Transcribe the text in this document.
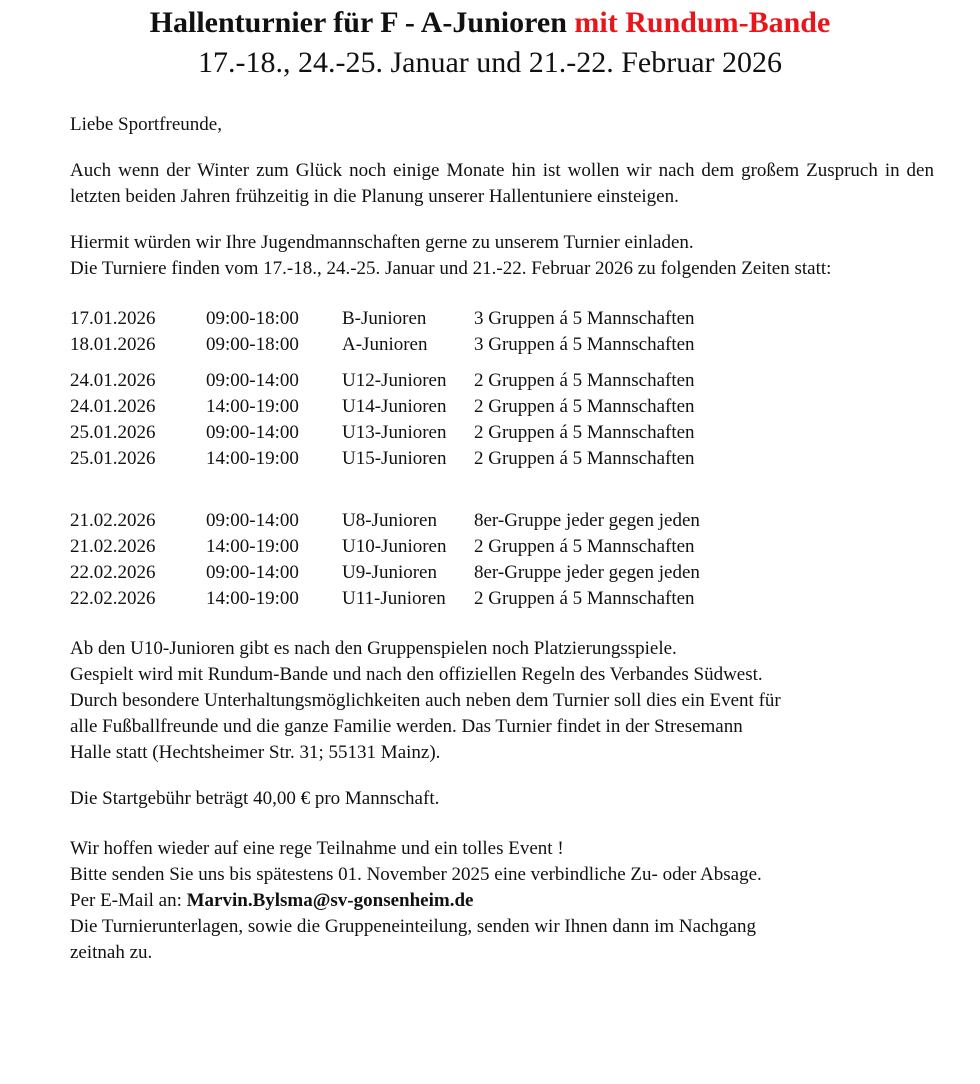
Hallenturnier für F - A-Junioren mit Rundum-Bande
17.-18., 24.-25. Januar und 21.-22. Februar 2026

Liebe Sportfreunde,

Auch wenn der Winter zum Glück noch einige Monate hin ist wollen wir nach dem großem Zuspruch in den letzten beiden Jahren frühzeitig in die Planung unserer Hallentuniere einsteigen.

Hiermit würden wir Ihre Jugendmannschaften gerne zu unserem Turnier einladen.
Die Turniere finden vom 17.-18., 24.-25. Januar und 21.-22. Februar 2026 zu folgenden Zeiten statt:

17.01.2026	09:00-18:00	B-Junioren	3 Gruppen á 5 Mannschaften
18.01.2026	09:00-18:00	A-Junioren	3 Gruppen á 5 Mannschaften
24.01.2026	09:00-14:00	U12-Junioren	2 Gruppen á 5 Mannschaften
24.01.2026	14:00-19:00	U14-Junioren	2 Gruppen á 5 Mannschaften
25.01.2026	09:00-14:00	U13-Junioren	2 Gruppen á 5 Mannschaften
25.01.2026	14:00-19:00	U15-Junioren	2 Gruppen á 5 Mannschaften
21.02.2026	09:00-14:00	U8-Junioren	8er-Gruppe jeder gegen jeden
21.02.2026	14:00-19:00	U10-Junioren	2 Gruppen á 5 Mannschaften
22.02.2026	09:00-14:00	U9-Junioren	8er-Gruppe jeder gegen jeden
22.02.2026	14:00-19:00	U11-Junioren	2 Gruppen á 5 Mannschaften

Ab den U10-Junioren gibt es nach den Gruppenspielen noch Platzierungsspiele.
Gespielt wird mit Rundum-Bande und nach den offiziellen Regeln des Verbandes Südwest.
Durch besondere Unterhaltungsmöglichkeiten auch neben dem Turnier soll dies ein Event für
alle Fußballfreunde und die ganze Familie werden. Das Turnier findet in der Stresemann
Halle statt (Hechtsheimer Str. 31; 55131 Mainz).

Die Startgebühr beträgt 40,00 € pro Mannschaft.

Wir hoffen wieder auf eine rege Teilnahme und ein tolles Event !
Bitte senden Sie uns bis spätestens 01. November 2025 eine verbindliche Zu- oder Absage.
Per E-Mail an: Marvin.Bylsma@sv-gonsenheim.de
Die Turnierunterlagen, sowie die Gruppeneinteilung, senden wir Ihnen dann im Nachgang
zeitnah zu.
